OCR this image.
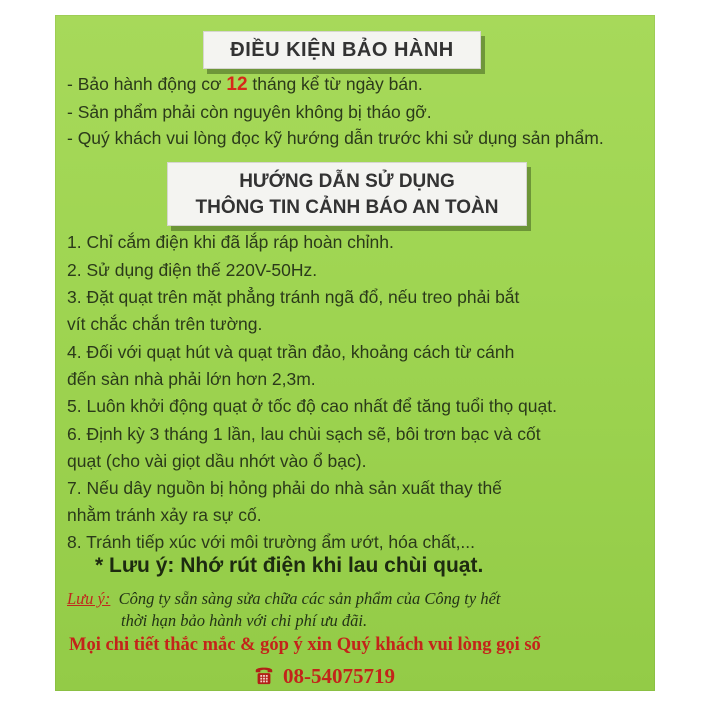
ĐIỀU KIỆN BẢO HÀNH
- Bảo hành động cơ 12 tháng kể từ ngày bán.
- Sản phẩm phải còn nguyên không bị tháo gỡ.
- Quý khách vui lòng đọc kỹ hướng dẫn trước khi sử dụng sản phẩm.
HƯỚNG DẪN SỬ DỤNG
THÔNG TIN CẢNH BÁO AN TOÀN
1. Chỉ cắm điện khi đã lắp ráp hoàn chỉnh.
2. Sử dụng điện thế 220V-50Hz.
3. Đặt quạt trên mặt phẳng tránh ngã đổ, nếu treo phải bắt
vít chắc chắn trên tường.
4. Đối với quạt hút và quạt trần đảo, khoảng cách từ cánh
đến sàn nhà phải lớn hơn 2,3m.
5. Luôn khởi động quạt ở tốc độ cao nhất để tăng tuổi thọ quạt.
6. Định kỳ 3 tháng 1 lần, lau chùi sạch sẽ, bôi trơn bạc và cốt
quạt (cho vài giọt dầu nhớt vào ổ bạc).
7. Nếu dây nguồn bị hỏng phải do nhà sản xuất thay thế
nhằm tránh xảy ra sự cố.
8. Tránh tiếp xúc với môi trường ẩm ướt, hóa chất,...
* Lưu ý: Nhớ rút điện khi lau chùi quạt.
Lưu ý: Công ty sẵn sàng sửa chữa các sản phẩm của Công ty hết
thời hạn bảo hành với chi phí ưu đãi.
Mọi chi tiết thắc mắc & góp ý xin Quý khách vui lòng gọi số
08-54075719
